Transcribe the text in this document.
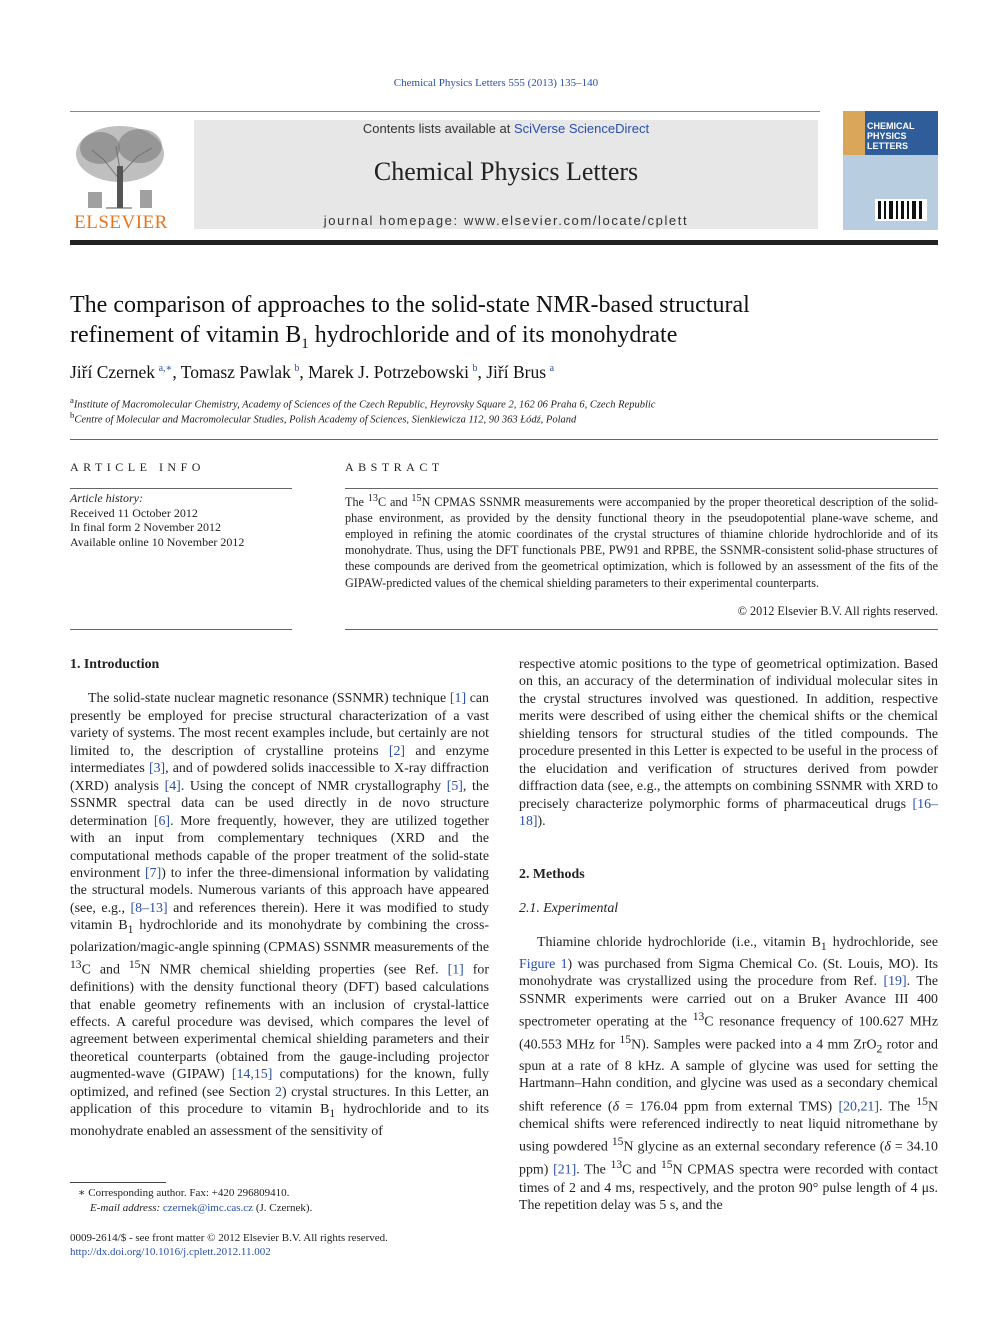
Chemical Physics Letters 555 (2013) 135–140
ELSEVIER
Contents lists available at SciVerse ScienceDirect
Chemical Physics Letters
journal homepage: www.elsevier.com/locate/cplett
CHEMICAL
PHYSICS
LETTERS
The comparison of approaches to the solid-state NMR-based structural
refinement of vitamin $B_1$ hydrochloride and of its monohydrate
Jiří Czernek  $^{a,∗}$, Tomasz Pawlak  $^b$, Marek J. Potrzebowski  $^b$, Jiří Brus  $^a$
$^a$Institute of Macromolecular Chemistry, Academy of Sciences of the Czech Republic, Heyrovsky Square 2, 162 06 Praha 6, Czech Republic
$^b$Centre of Molecular and Macromolecular Studies, Polish Academy of Sciences, Sienkiewicza 112, 90 363 Łódź, Poland
ARTICLE INFO	ABSTRACT
Article history:
Received 11 October 2012
In final form 2 November 2012
Available online 10 November 2012
The $^{13}$C and $^{15}$N CPMAS SSNMR measurements were accompanied by the proper theoretical description of the solid-phase environment, as provided by the density functional theory in the pseudopotential plane-wave scheme, and employed in refining the atomic coordinates of the crystal structures of thiamine chloride hydrochloride and of its monohydrate. Thus, using the DFT functionals PBE, PW91 and RPBE, the SSNMR-consistent solid-phase structures of these compounds are derived from the geometrical optimization, which is followed by an assessment of the fits of the GIPAW-predicted values of the chemical shielding parameters to their experimental counterparts.
© 2012 Elsevier B.V. All rights reserved.

1. Introduction

The solid-state nuclear magnetic resonance (SSNMR) technique [1] can presently be employed for precise structural characterization of a vast variety of systems. The most recent examples include, but certainly are not limited to, the description of crystalline proteins [2] and enzyme intermediates [3], and of powdered solids inaccessible to X-ray diffraction (XRD) analysis [4]. Using the concept of NMR crystallography [5], the SSNMR spectral data can be used directly in de novo structure determination [6]. More frequently, however, they are utilized together with an input from complementary techniques (XRD and the computational methods capable of the proper treatment of the solid-state environment [7]) to infer the three-dimensional information by validating the structural models. Numerous variants of this approach have appeared (see, e.g., [8–13] and references therein). Here it was modified to study vitamin $B_1$ hydrochloride and its monohydrate by combining the cross-polarization/magic-angle spinning (CPMAS) SSNMR measurements of the $^{13}$C and $^{15}$N NMR chemical shielding properties (see Ref. [1] for definitions) with the density functional theory (DFT) based calculations that enable geometry refinements with an inclusion of crystal-lattice effects. A careful procedure was devised, which compares the level of agreement between experimental chemical shielding parameters and their theoretical counterparts (obtained from the gauge-including projector augmented-wave (GIPAW) [14,15] computations) for the known, fully optimized, and refined (see Section 2) crystal structures. In this Letter, an application of this procedure to vitamin $B_1$ hydrochloride and to its monohydrate enabled an assessment of the sensitivity of

respective atomic positions to the type of geometrical optimization. Based on this, an accuracy of the determination of individual molecular sites in the crystal structures involved was questioned. In addition, respective merits were described of using either the chemical shifts or the chemical shielding tensors for structural studies of the titled compounds. The procedure presented in this Letter is expected to be useful in the process of the elucidation and verification of structures derived from powder diffraction data (see, e.g., the attempts on combining SSNMR with XRD to precisely characterize polymorphic forms of pharmaceutical drugs [16–18]).

2. Methods

2.1. Experimental

Thiamine chloride hydrochloride (i.e., vitamin $B_1$ hydrochloride, see Figure 1) was purchased from Sigma Chemical Co. (St. Louis, MO). Its monohydrate was crystallized using the procedure from Ref. [19]. The SSNMR experiments were carried out on a Bruker Avance III 400 spectrometer operating at the $^{13}$C resonance frequency of 100.627 MHz (40.553 MHz for $^{15}$N). Samples were packed into a 4 mm ZrO$_2$ rotor and spun at a rate of 8 kHz. A sample of glycine was used for setting the Hartmann–Hahn condition, and glycine was used as a secondary chemical shift reference (δ = 176.04 ppm from external TMS) [20,21]. The $^{15}$N chemical shifts were referenced indirectly to neat liquid nitromethane by using powdered $^{15}$N glycine as an external secondary reference (δ = 34.10 ppm) [21]. The $^{13}$C and $^{15}$N CPMAS spectra were recorded with contact times of 2 and 4 ms, respectively, and the proton 90° pulse length of 4 μs. The repetition delay was 5 s, and the

∗ Corresponding author. Fax: +420 296809410.
E-mail address: czernek@imc.cas.cz (J. Czernek).
0009-2614/$ - see front matter © 2012 Elsevier B.V. All rights reserved.
http://dx.doi.org/10.1016/j.cplett.2012.11.002
